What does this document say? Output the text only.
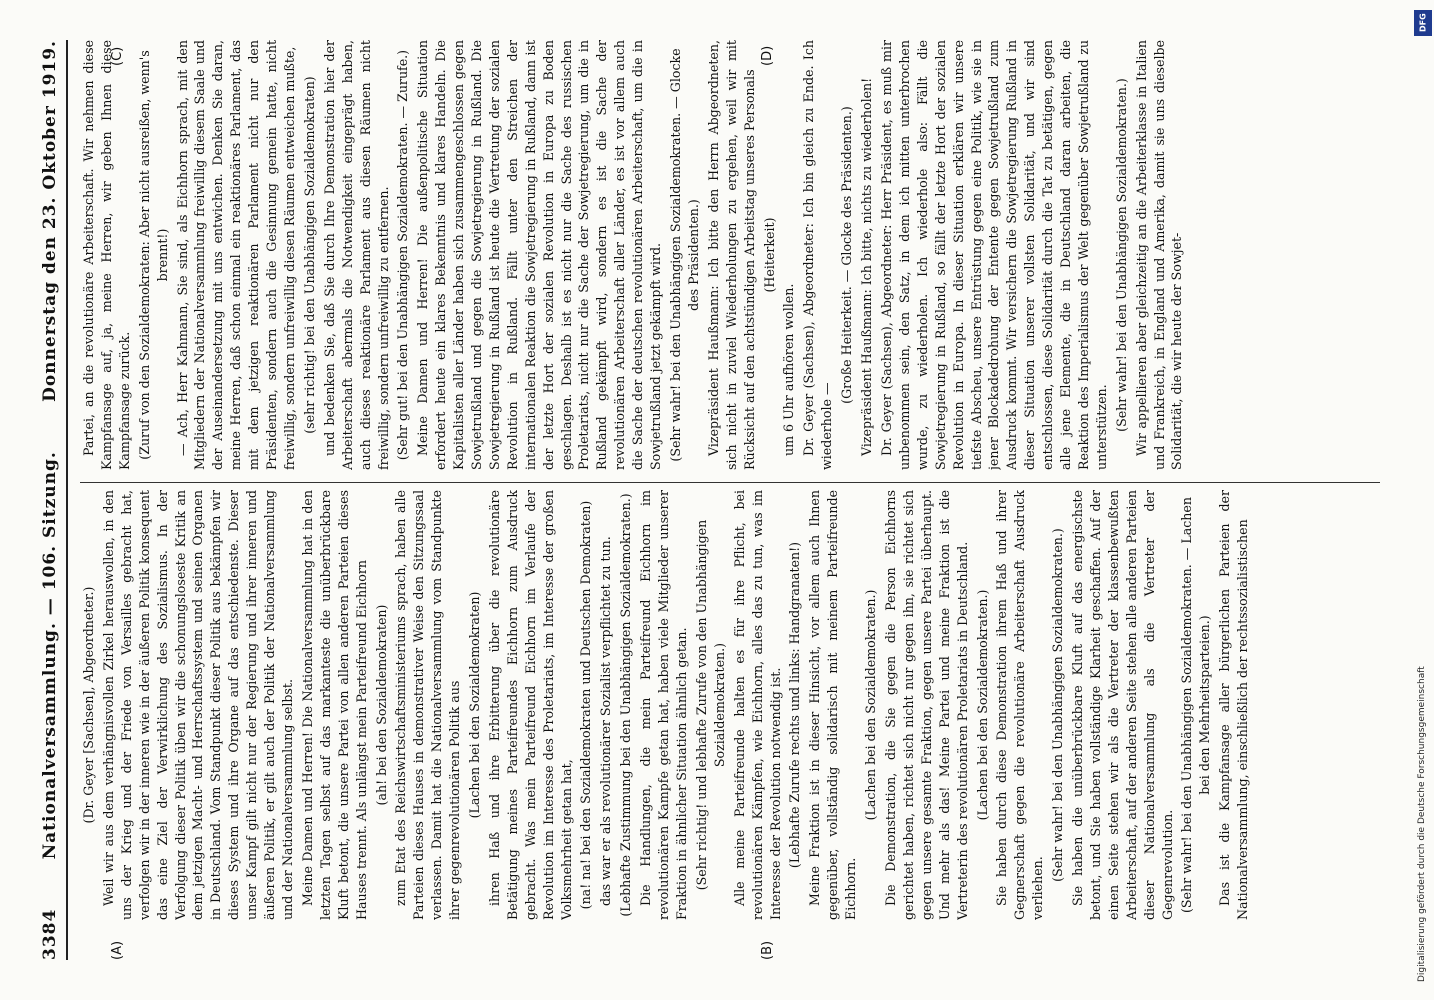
3384
Nationalversammlung. — 106. Sitzung.
Donnerstag den 23. Oktober 1919.
(A)	(B)
(C)	(D)

(Dr. Geyer [Sachsen], Abgeordneter.) Weil wir aus dem verhängnisvollen Zirkel herauswollen, in den uns der Krieg und der Friede von Versailles gebracht hat, verfolgen wir in der inneren wie in der äußeren Politik konsequent das eine Ziel der Verwirklichung des Sozialismus. In der Verfolgung dieser Politik üben wir die schonungsloseste Kritik an dem jetzigen Macht- und Herrschaftssystem und seinen Organen in Deutschland. Vom Standpunkt dieser Politik aus bekämpfen wir dieses System und ihre Organe auf das entschiedenste. Dieser unser Kampf gilt nicht nur der Regierung und ihrer inneren und äußeren Politik, er gilt auch der Politik der Nationalversammlung und der Nationalversammlung selbst. Meine Damen und Herren! Die Nationalversammlung hat in den letzten Tagen selbst auf das markanteste die unüberbrückbare Kluft betont, die unsere Partei von allen anderen Parteien dieses Hauses trennt. Als unlängst mein Parteifreund Eichhorn (ah! bei den Sozialdemokraten) zum Etat des Reichswirtschaftsministeriums sprach, haben alle Parteien dieses Hauses in demonstrativer Weise den Sitzungssaal verlassen. Damit hat die Nationalversammlung vom Standpunkte ihrer gegenrevolutionären Politik aus (Lachen bei den Sozialdemokraten) ihren Haß und ihre Erbitterung über die revolutionäre Betätigung meines Parteifreundes Eichhorn zum Ausdruck gebracht. Was mein Parteifreund Eichhorn im Verlaufe der Revolution im Interesse des Proletariats, im Interesse der großen Volksmehrheit getan hat, (na! na! bei den Sozialdemokraten und Deutschen Demokraten) das war er als revolutionärer Sozialist verpflichtet zu tun. (Lebhafte Zustimmung bei den Unabhängigen Sozialdemokraten.) Die Handlungen, die mein Parteifreund Eichhorn im revolutionären Kampfe getan hat, haben viele Mitglieder unserer Fraktion in ähnlicher Situation ähnlich getan. (Sehr richtig! und lebhafte Zurufe von den Unabhängigen Sozialdemokraten.) Alle meine Parteifreunde halten es für ihre Pflicht, bei revolutionären Kämpfen, wie Eichhorn, alles das zu tun, was im Interesse der Revolution notwendig ist. (Lebhafte Zurufe rechts und links: Handgranaten!) Meine Fraktion ist in dieser Hinsicht, vor allem auch Ihnen gegenüber, vollständig solidarisch mit meinem Parteifreunde Eichhorn.

(Lachen bei den Sozialdemokraten.) Die Demonstration, die Sie gegen die Person Eichhorns gerichtet haben, richtet sich nicht nur gegen ihn, sie richtet sich gegen unsere gesamte Fraktion, gegen unsere Partei überhaupt. Und mehr als das! Meine Partei und meine Fraktion ist die Vertreterin des revolutionären Proletariats in Deutschland. (Lachen bei den Sozialdemokraten.) Sie haben durch diese Demonstration ihrem Haß und ihrer Gegnerschaft gegen die revolutionäre Arbeiterschaft Ausdruck verliehen.

(Sehr wahr! bei den Unabhängigen Sozialdemokraten.) Sie haben die unüberbrückbare Kluft auf das energischste betont, und Sie haben vollständige Klarheit geschaffen. Auf der einen Seite stehen wir als die Vertreter der klassenbewußten Arbeiterschaft, auf der anderen Seite stehen alle anderen Parteien dieser Nationalversammlung als die Vertreter der Gegenrevolution. (Sehr wahr! bei den Unabhängigen Sozialdemokraten. — Lachen bei den Mehrheitsparteien.) Das ist die Kampfansage aller bürgerlichen Parteien der Nationalversammlung, einschließlich der rechtssozialistischen

Partei, an die revolutionäre Arbeiterschaft. Wir nehmen diese Kampfansage auf, ja, meine Herren, wir geben Ihnen diese Kampfansage zurück. (Zuruf von den Sozialdemokraten: Aber nicht ausreißen, wenn's brennt!) — Ach, Herr Kahmann, Sie sind, als Eichhorn sprach, mit den Mitgliedern der Nationalversammlung freiwillig diesem Saale und der Auseinandersetzung mit uns entwichen. Denken Sie daran, meine Herren, daß schon einmal ein reaktionäres Parlament, das mit dem jetzigen reaktionären Parlament nicht nur den Präsidenten, sondern auch die Gesinnung gemein hatte, nicht freiwillig, sondern unfreiwillig diesen Räumen entweichen mußte, (sehr richtig! bei den Unabhängigen Sozialdemokraten) und bedenken Sie, daß Sie durch Ihre Demonstration hier der Arbeiterschaft abermals die Notwendigkeit eingeprägt haben, auch dieses reaktionäre Parlament aus diesen Räumen nicht freiwillig, sondern unfreiwillig zu entfernen. (Sehr gut! bei den Unabhängigen Sozialdemokraten. — Zurufe.) Meine Damen und Herren! Die außenpolitische Situation erfordert heute ein klares Bekenntnis und klares Handeln. Die Kapitalisten aller Länder haben sich zusammengeschlossen gegen Sowjetrußland und gegen die Sowjetregierung in Rußland. Die Sowjetregierung in Rußland ist heute die Vertretung der sozialen Revolution in Rußland. Fällt unter den Streichen der internationalen Reaktion die Sowjetregierung in Rußland, dann ist der letzte Hort der sozialen Revolution in Europa zu Boden geschlagen. Deshalb ist es nicht nur die Sache des russischen Proletariats, nicht nur die Sache der Sowjetregierung, um die in Rußland gekämpft wird, sondern es ist die Sache der revolutionären Arbeiterschaft aller Länder, es ist vor allem auch die Sache der deutschen revolutionären Arbeiterschaft, um die in Sowjetrußland jetzt gekämpft wird. (Sehr wahr! bei den Unabhängigen Sozialdemokraten. — Glocke des Präsidenten.) Vizepräsident Haußmann: Ich bitte den Herrn Abgeordneten, sich nicht in zuviel Wiederholungen zu ergehen, weil wir mit Rücksicht auf den achtstündigen Arbeitstag unseres Personals (Heiterkeit)

um 6 Uhr aufhören wollen. Dr. Geyer (Sachsen), Abgeordneter: Ich bin gleich zu Ende. Ich wiederhole —

(Große Heiterkeit. — Glocke des Präsidenten.) Vizepräsident Haußmann: Ich bitte, nichts zu wiederholen! Dr. Geyer (Sachsen), Abgeordneter: Herr Präsident, es muß mir unbenommen sein, den Satz, in dem ich mitten unterbrochen wurde, zu wiederholen. Ich wiederhole also: Fällt die Sowjetregierung in Rußland, so fällt der letzte Hort der sozialen Revolution in Europa. In dieser Situation erklären wir unsere tiefste Abscheu, unsere Entrüstung gegen eine Politik, wie sie in jener Blockadedrohung der Entente gegen Sowjetrußland zum Ausdruck kommt. Wir versichern die Sowjetregierung Rußland in dieser Situation unserer vollsten Solidarität, und wir sind entschlossen, diese Solidarität durch die Tat zu betätigen, gegen alle jene Elemente, die in Deutschland daran arbeiten, die Reaktion des Imperialismus der Welt gegenüber Sowjetrußland zu unterstützen. (Sehr wahr! bei den Unabhängigen Sozialdemokraten.) Wir appellieren aber gleichzeitig an die Arbeiterklasse in Italien und Frankreich, in England und Amerika, damit sie uns dieselbe Solidarität, die wir heute der Sowjet-

DFG
Digitalisierung gefördert durch die Deutsche Forschungsgemeinschaft
